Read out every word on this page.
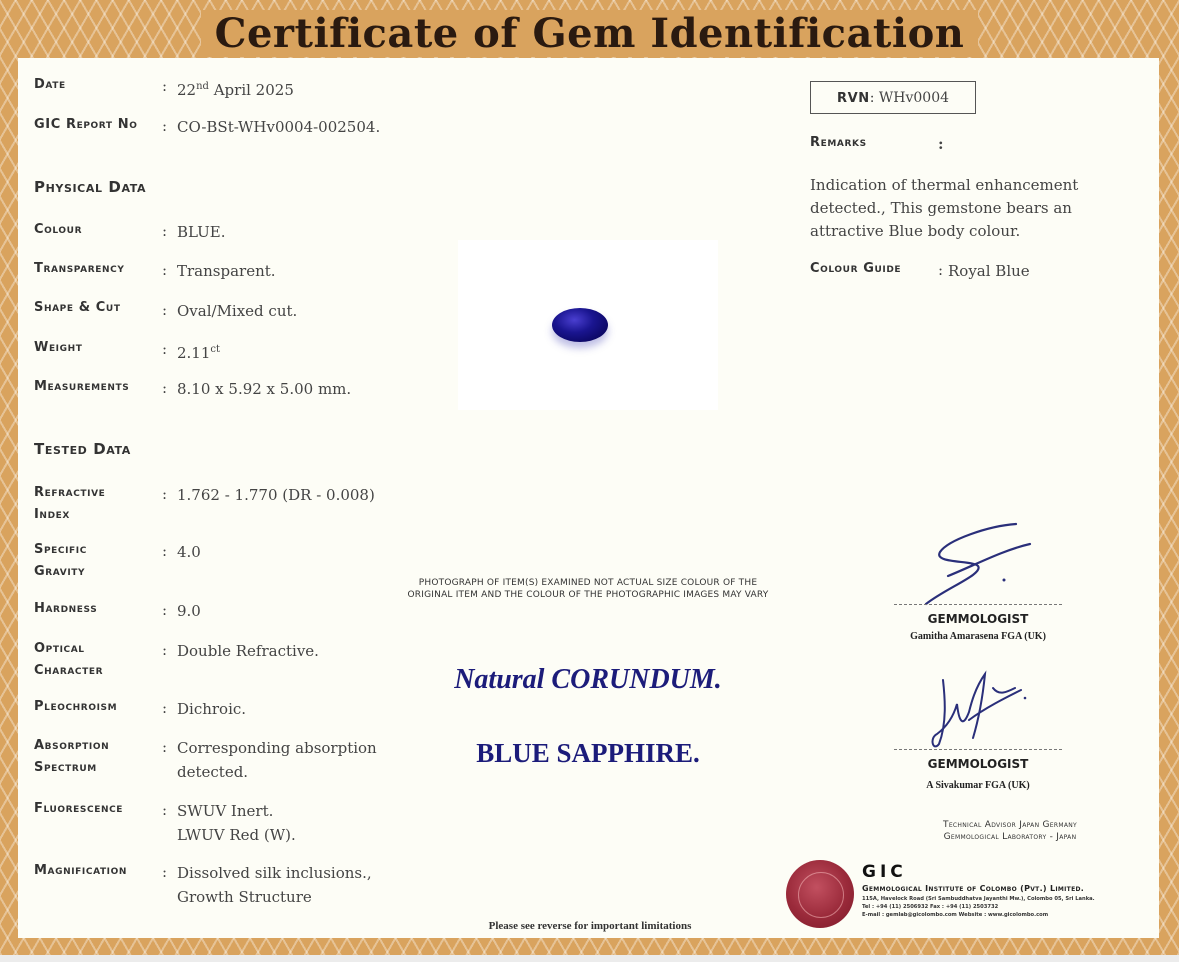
Certificate of Gem Identification
Date	: 22nd April 2025
GIC Report No : CO-BSt-WHv0004-002504.
Physical Data
Colour	: BLUE.
Transparency	: Transparent.
Shape & Cut	: Oval/Mixed cut.
Weight	: $2.11^{ct}$
Measurements : 8.10 x 5.92 x 5.00 mm.
Tested Data
Refractive
Index
: 1.762 - 1.770 (DR - 0.008)
Specific
Gravity
: 4.0
Hardness	: 9.0
Optical
Character
: Double Refractive.
Pleochroism	: Dichroic.
Absorption
Spectrum
: Corresponding absorption
detected.
Fluorescence	: SWUV Inert.
LWUV Red (W).
Magnification : Dissolved silk inclusions.,
Growth Structure
PHOTOGRAPH OF ITEM(S) EXAMINED NOT ACTUAL SIZE COLOUR OF THE ORIGINAL ITEM AND THE COLOUR OF THE PHOTOGRAPHIC IMAGES MAY VARY
Natural CORUNDUM.
BLUE SAPPHIRE.
Please see reverse for important limitations
RVN: WHv0004
Remarks	:
Indication of thermal enhancement detected., This gemstone bears an attractive Blue body colour.
Colour Guide : Royal Blue
GEMMOLOGIST
Gamitha Amarasena FGA (UK)
GEMMOLOGIST
A Sivakumar FGA (UK)
Technical Advisor Japan Germany
Gemmological Laboratory - Japan
GIC
Gemmological Institute of Colombo (Pvt.) Limited.
115A, Havelock Road (Sri Sambuddhatva Jayanthi Mw.), Colombo 05, Sri Lanka.
Tel : +94 (11) 2506932 Fax : +94 (11) 2503732
E-mail : gemlab@gicolombo.com Website : www.gicolombo.com
